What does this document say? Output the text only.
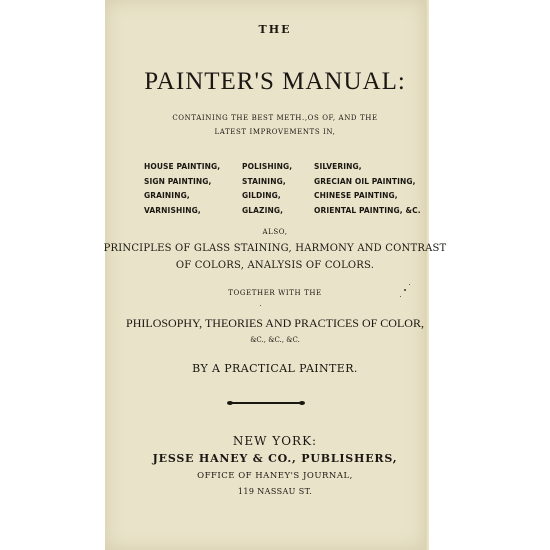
THE
PAINTER'S MANUAL:
CONTAINING THE BEST METH.,OS OF, AND THE
LATEST IMPROVEMENTS IN,
HOUSE PAINTING,
SIGN PAINTING,
GRAINING,
VARNISHING,
POLISHING,
STAINING,
GILDING,
GLAZING,
SILVERING,
GRECIAN OIL PAINTING,
CHINESE PAINTING,
ORIENTAL PAINTING, &C.
ALSO,
PRINCIPLES OF GLASS STAINING, HARMONY AND CONTRAST
OF COLORS, ANALYSIS OF COLORS.
TOGETHER WITH THE
PHILOSOPHY, THEORIES AND PRACTICES OF COLOR,
&C., &C., &C.
BY A PRACTICAL PAINTER.
NEW YORK:
JESSE HANEY & CO., PUBLISHERS,
OFFICE OF HANEY'S JOURNAL,
119 NASSAU ST.
